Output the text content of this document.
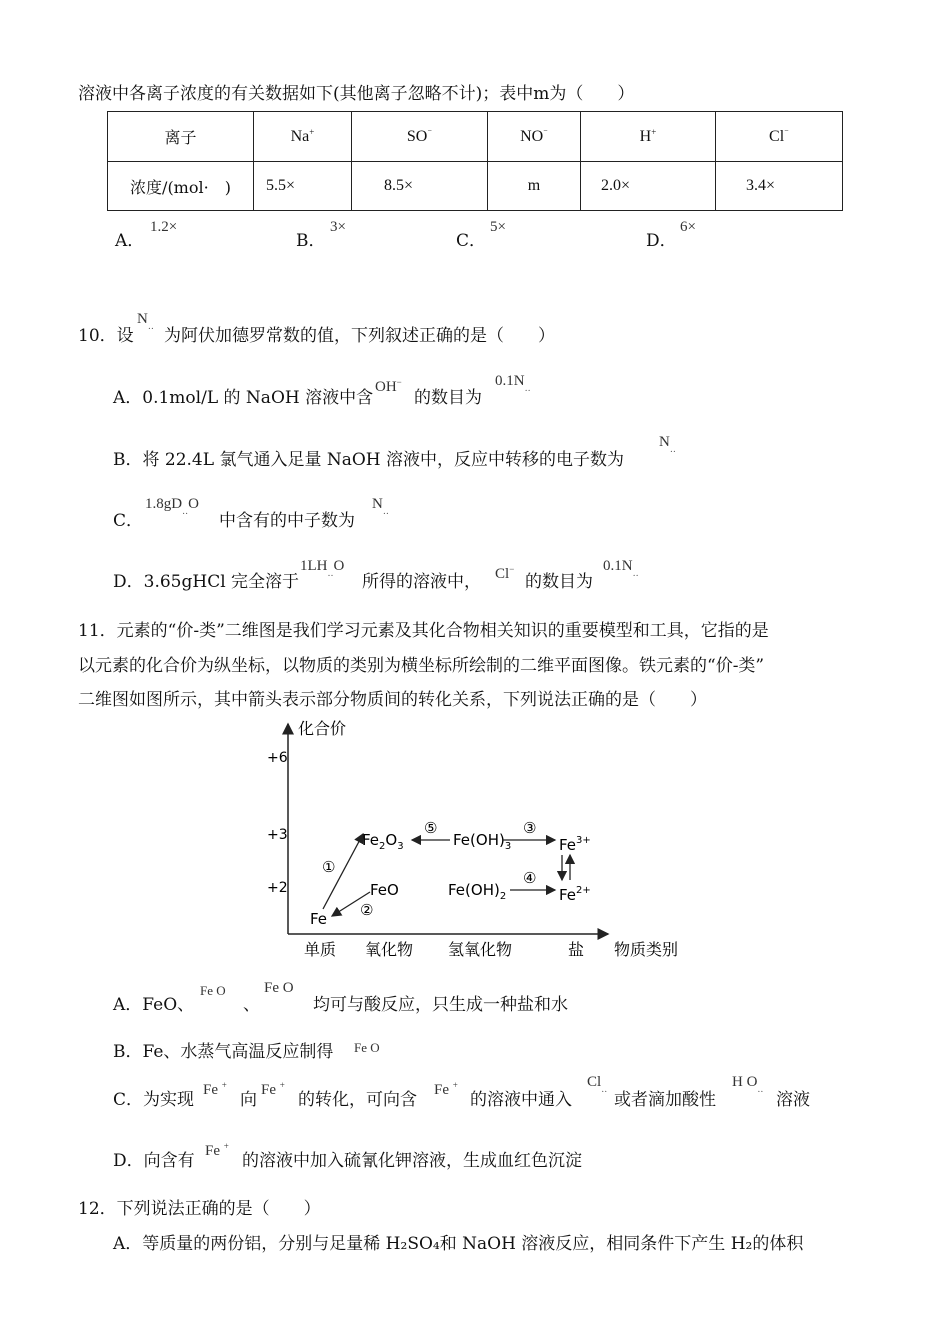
溶液中各离子浓度的有关数据如下(其他离子忽略不计)；表中m为（　　）
离子	Na+	SO⁻	NO⁻	H+	Cl⁻
浓度/(mol·　)	5.5×	8.5×	m	2.0×	3.4×
A．
1.2×
B．
3×
C．
5×
D．
6×
10．设
$N_‥$ 为阿伏加德罗常数的值，下列叙述正确的是（　　）
A．0.1mol/L 的 NaOH 溶液中含
OH−
的数目为
$0.1N_‥$
B．将 22.4L 氯气通入足量 NaOH 溶液中，反应中转移的电子数为
$N_‥$
C．
$1.8gD_‥O$
中含有的中子数为
$N_‥$
D．3.65gHCl 完全溶于
$1LH_‥O$
所得的溶液中， Cl−
的数目为
$0.1N_‥$
11．元素的“价-类”二维图是我们学习元素及其化合物相关知识的重要模型和工具，它指的是
以元素的化合价为纵坐标，以物质的类别为横坐标所绘制的二维平面图像。铁元素的“价-类”
二维图如图所示，其中箭头表示部分物质间的转化关系，下列说法正确的是（　　）
化合价
+6
+3
+2
单质 氧化物 氢氧化物	盐 物质类别
Fe
FeO
$Fe_2O_3$	$Fe(OH)_3$
$Fe(OH)_2$
$Fe^{3+}$
$Fe^{2+}$
①
②
③
④
⑤
A．FeO、
Fe O
、
Fe O
均可与酸反应，只生成一种盐和水
B．Fe、水蒸气高温反应制得 Fe O
C．为实现 Fe +
向 Fe +
的转化，可向含 Fe +
的溶液中通入
$Cl_‥$
或者滴加酸性
H $O_‥$
溶液
D．向含有 Fe +
的溶液中加入硫氰化钾溶液，生成血红色沉淀
12．下列说法正确的是（　　）
A．等质量的两份铝，分别与足量稀 H₂SO₄和 NaOH 溶液反应，相同条件下产生 H₂的体积
